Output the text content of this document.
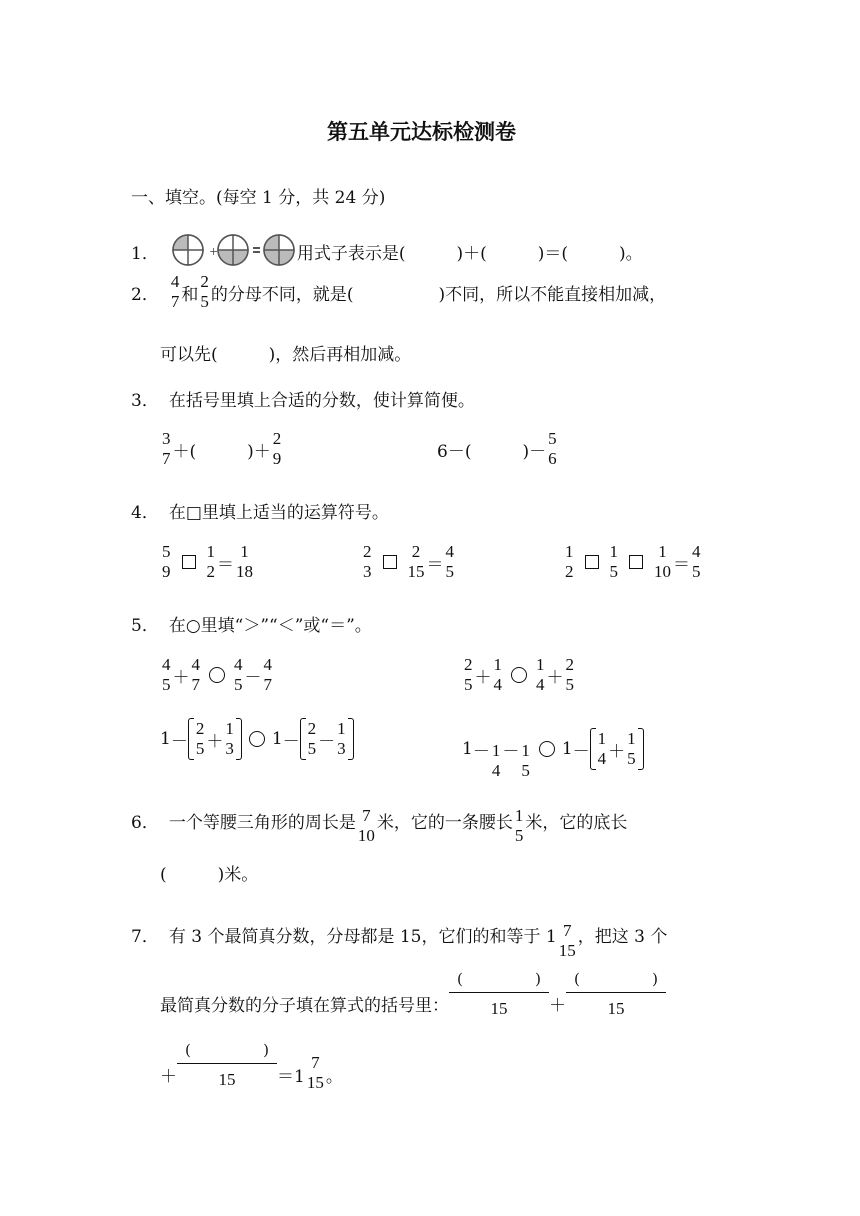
第五单元达标检测卷
一、填空。(每空 1 分，共 24 分)
1．	+	用式子表示是(　　　)＋(　　　)＝(　　　)。
2．
4
7 和
2
5 的分母不同，就是(　　　　　)不同，所以不能直接相加减，
可以先(　　　)，然后再相加减。
3． 在括号里填上合适的分数，使计算简便。
3
7 ＋(　　　)＋
2
9	6－(　　　)－
5
6
4． 在□里填上适当的运算符号。
5
9
1
2 ＝
1
18
2
3
2
15 ＝
4
5
1
2
1
5
1
10 ＝
4
5
5． 在○里填“＞”“＜”或“＝”。
4
5 ＋
4
7
4
5 －
4
7
2
5 ＋
1
4
1
4 ＋
2
5
1 －
2
5 ＋
1
3 1 －
2
5 －
1
3	1 － 1
4
－ 1
5
1 －
1
4 ＋
1
5
6． 一个等腰三角形的周长是 7
10
米，它的一条腰长 1
5
米，它的底长
(　　　)米。
7． 有 3 个最简真分数，分母都是 15，它们的和等于 1 7
15
，把这 3 个
最简真分数的分子填在算式的括号里：
(	)
15 ＋
(	)
15
＋
(	)
15 ＝1
7
15 。
